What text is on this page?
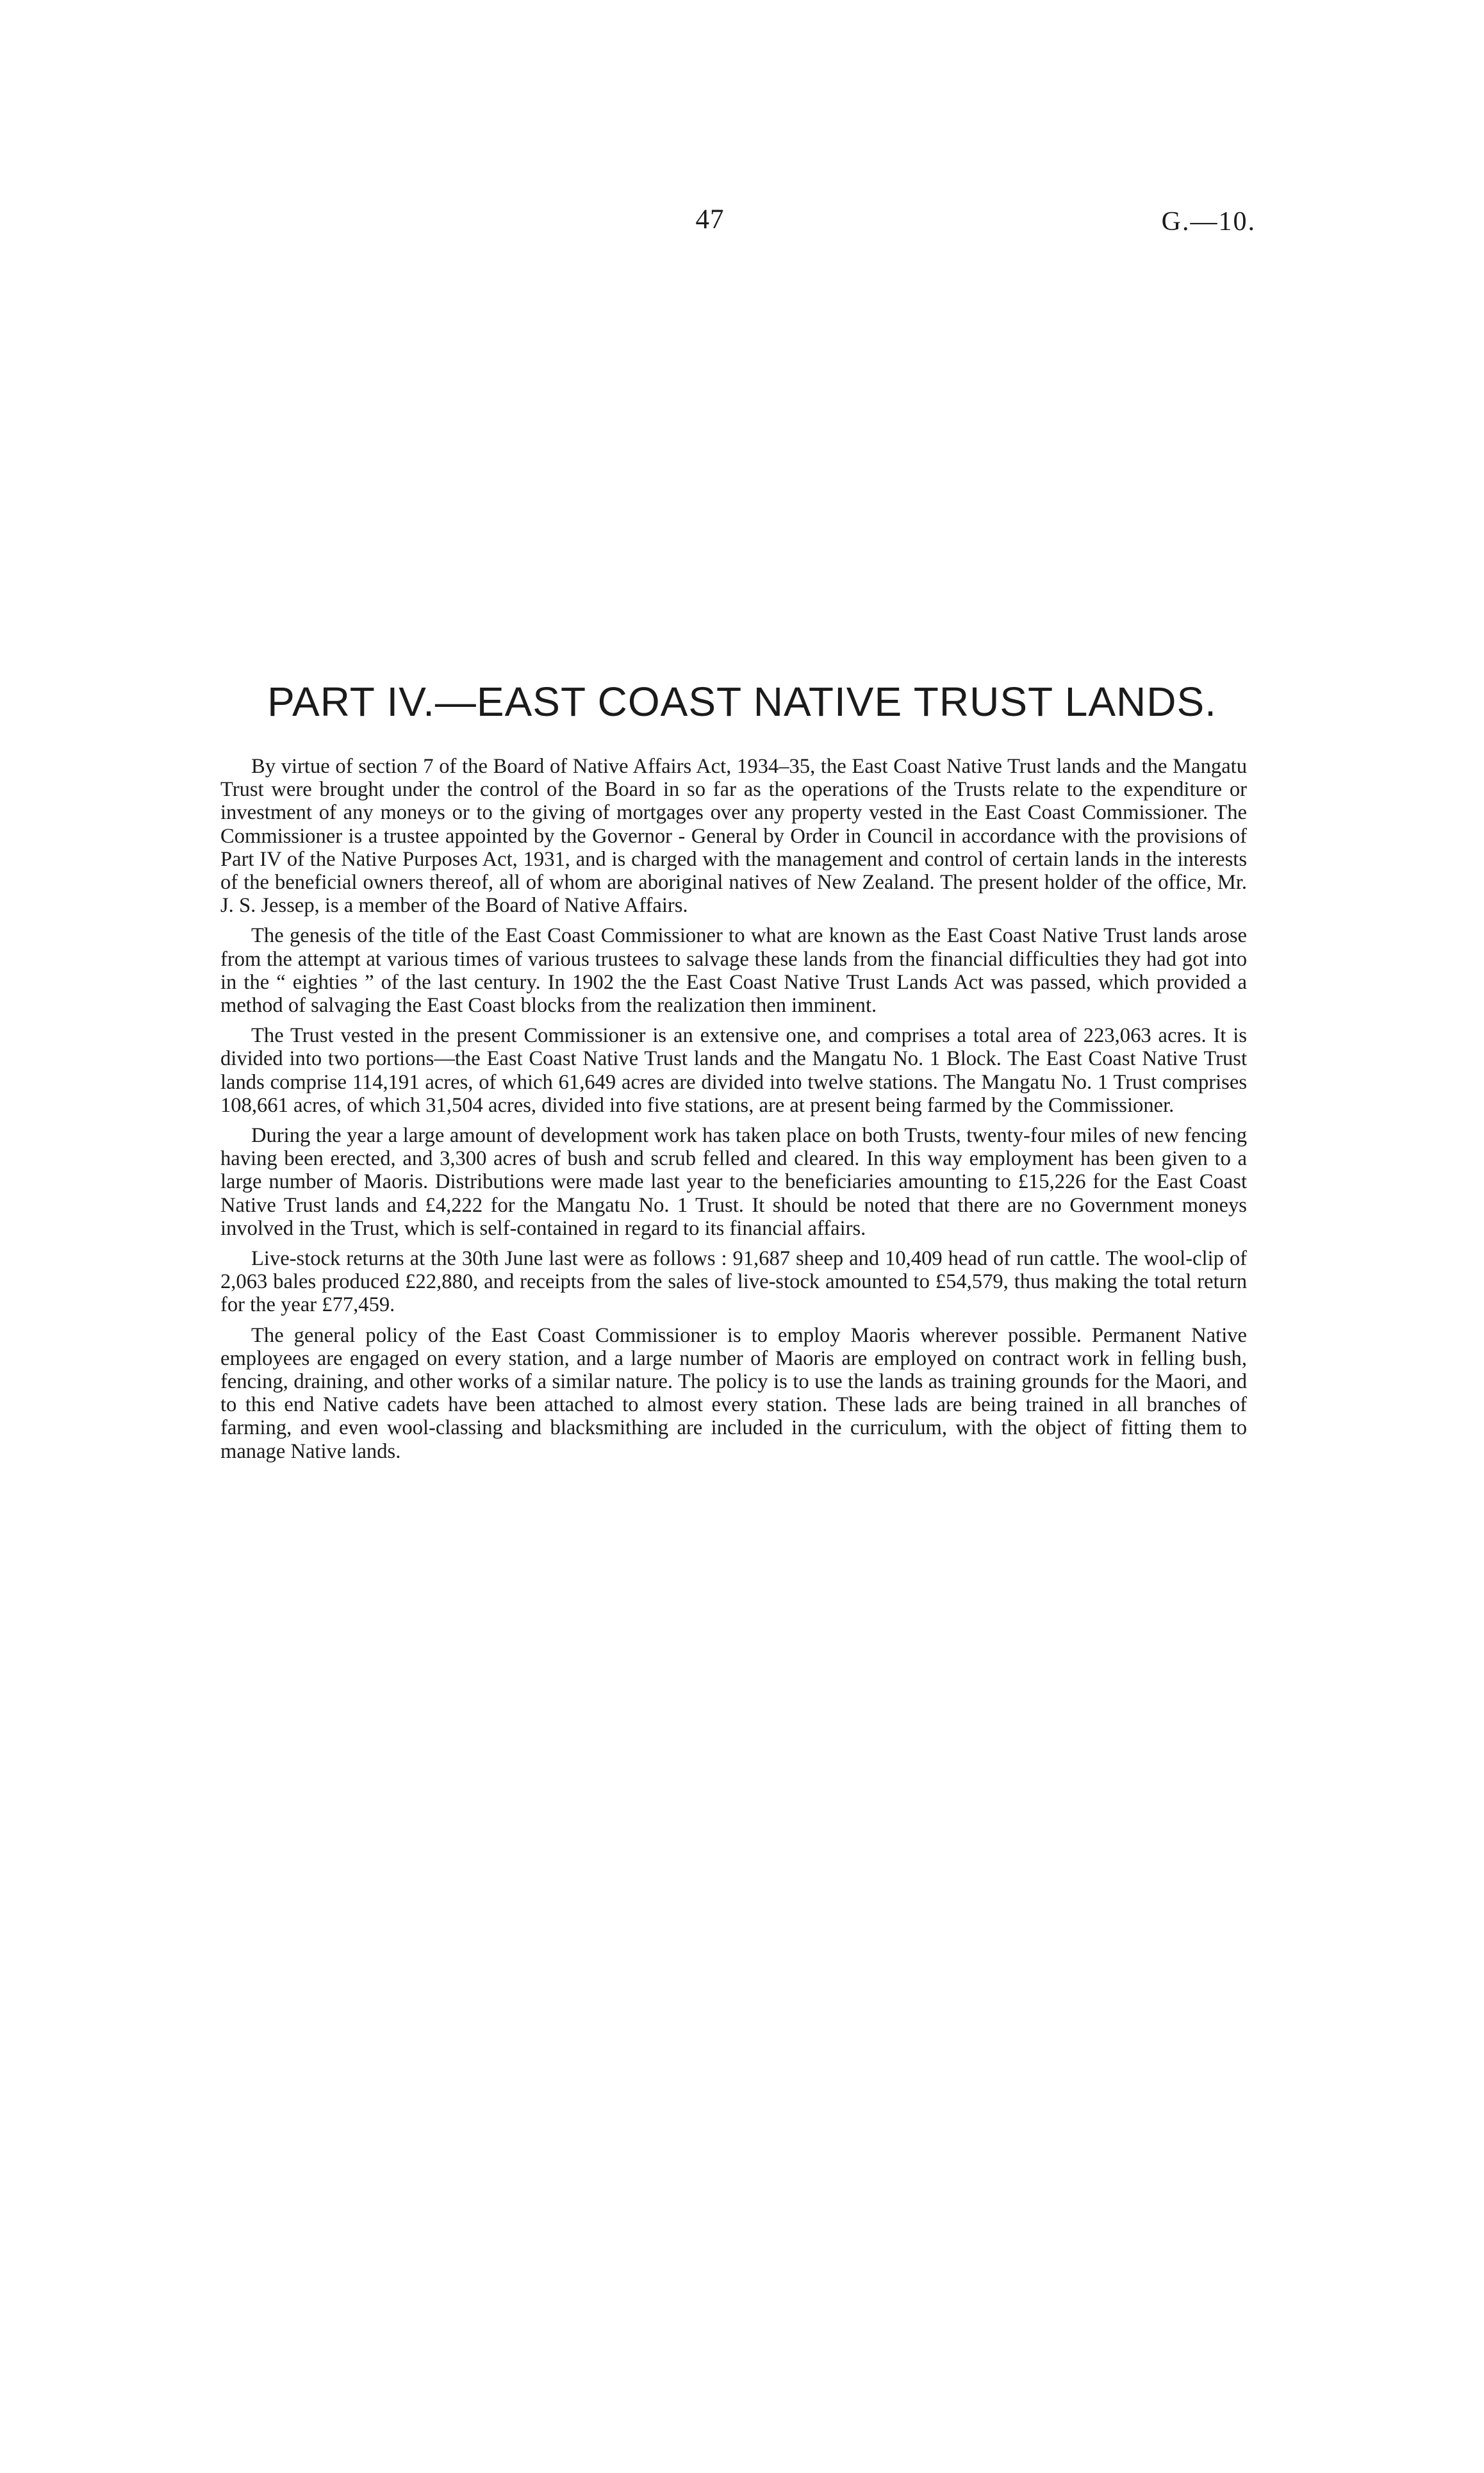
47	G.—10.
PART IV.—EAST COAST NATIVE TRUST LANDS.

By virtue of section 7 of the Board of Native Affairs Act, 1934–35, the East Coast Native Trust lands and the Mangatu Trust were brought under the control of the Board in so far as the operations of the Trusts relate to the expenditure or investment of any moneys or to the giving of mortgages over any property vested in the East Coast Commissioner. The Commissioner is a trustee appointed by the Governor - General by Order in Council in accordance with the provisions of Part IV of the Native Purposes Act, 1931, and is charged with the management and control of certain lands in the interests of the beneficial owners thereof, all of whom are aboriginal natives of New Zealand. The present holder of the office, Mr. J. S. Jessep, is a member of the Board of Native Affairs.

The genesis of the title of the East Coast Commissioner to what are known as the East Coast Native Trust lands arose from the attempt at various times of various trustees to salvage these lands from the financial difficulties they had got into in the “ eighties ” of the last century. In 1902 the the East Coast Native Trust Lands Act was passed, which provided a method of salvaging the East Coast blocks from the realization then imminent.

The Trust vested in the present Commissioner is an extensive one, and comprises a total area of 223,063 acres. It is divided into two portions—the East Coast Native Trust lands and the Mangatu No. 1 Block. The East Coast Native Trust lands comprise 114,191 acres, of which 61,649 acres are divided into twelve stations. The Mangatu No. 1 Trust comprises 108,661 acres, of which 31,504 acres, divided into five stations, are at present being farmed by the Commissioner.

During the year a large amount of development work has taken place on both Trusts, twenty-four miles of new fencing having been erected, and 3,300 acres of bush and scrub felled and cleared. In this way employment has been given to a large number of Maoris. Distributions were made last year to the beneficiaries amounting to £15,226 for the East Coast Native Trust lands and £4,222 for the Mangatu No. 1 Trust. It should be noted that there are no Government moneys involved in the Trust, which is self-contained in regard to its financial affairs.

Live-stock returns at the 30th June last were as follows : 91,687 sheep and 10,409 head of run cattle. The wool-clip of 2,063 bales produced £22,880, and receipts from the sales of live-stock amounted to £54,579, thus making the total return for the year £77,459.

The general policy of the East Coast Commissioner is to employ Maoris wherever possible. Permanent Native employees are engaged on every station, and a large number of Maoris are employed on contract work in felling bush, fencing, draining, and other works of a similar nature. The policy is to use the lands as training grounds for the Maori, and to this end Native cadets have been attached to almost every station. These lads are being trained in all branches of farming, and even wool-classing and blacksmithing are included in the curriculum, with the object of fitting them to manage Native lands.
